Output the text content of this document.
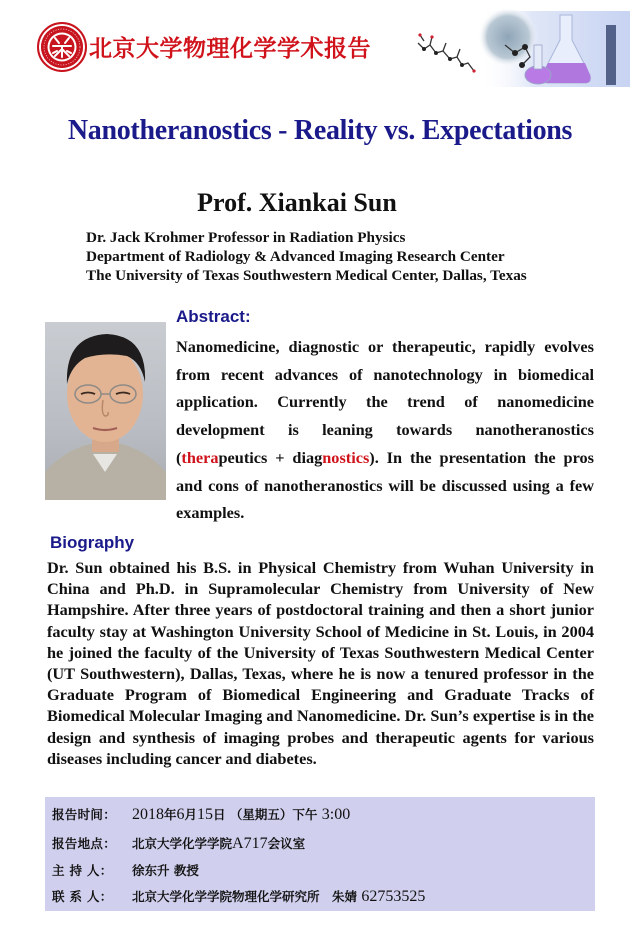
北京大学物理化学学术报告
Nanotheranostics - Reality vs. Expectations
Prof. Xiankai Sun
Dr. Jack Krohmer Professor in Radiation Physics
Department of Radiology & Advanced Imaging Research Center
The University of Texas Southwestern Medical Center, Dallas, Texas
Abstract:
Nanomedicine, diagnostic or therapeutic, rapidly evolves from recent advances of nanotechnology in biomedical application. Currently the trend of nanomedicine development is leaning towards nanotheranostics (therapeutics + diagnostics). In the presentation the pros and cons of nanotheranostics will be discussed using a few examples.
Biography
Dr. Sun obtained his B.S. in Physical Chemistry from Wuhan University in China and Ph.D. in Supramolecular Chemistry from University of New Hampshire. After three years of postdoctoral training and then a short junior faculty stay at Washington University School of Medicine in St. Louis, in 2004 he joined the faculty of the University of Texas Southwestern Medical Center (UT Southwestern), Dallas, Texas, where he is now a tenured professor in the Graduate Program of Biomedical Engineering and Graduate Tracks of Biomedical Molecular Imaging and Nanomedicine. Dr. Sun’s expertise is in the design and synthesis of imaging probes and therapeutic agents for various diseases including cancer and diabetes.
报告时间： 2018年6月15日 （星期五）下午 3:00
报告地点： 北京大学化学学院A717会议室
主 持 人： 徐东升 教授
联 系 人： 北京大学化学学院物理化学研究所　朱婧 62753525
